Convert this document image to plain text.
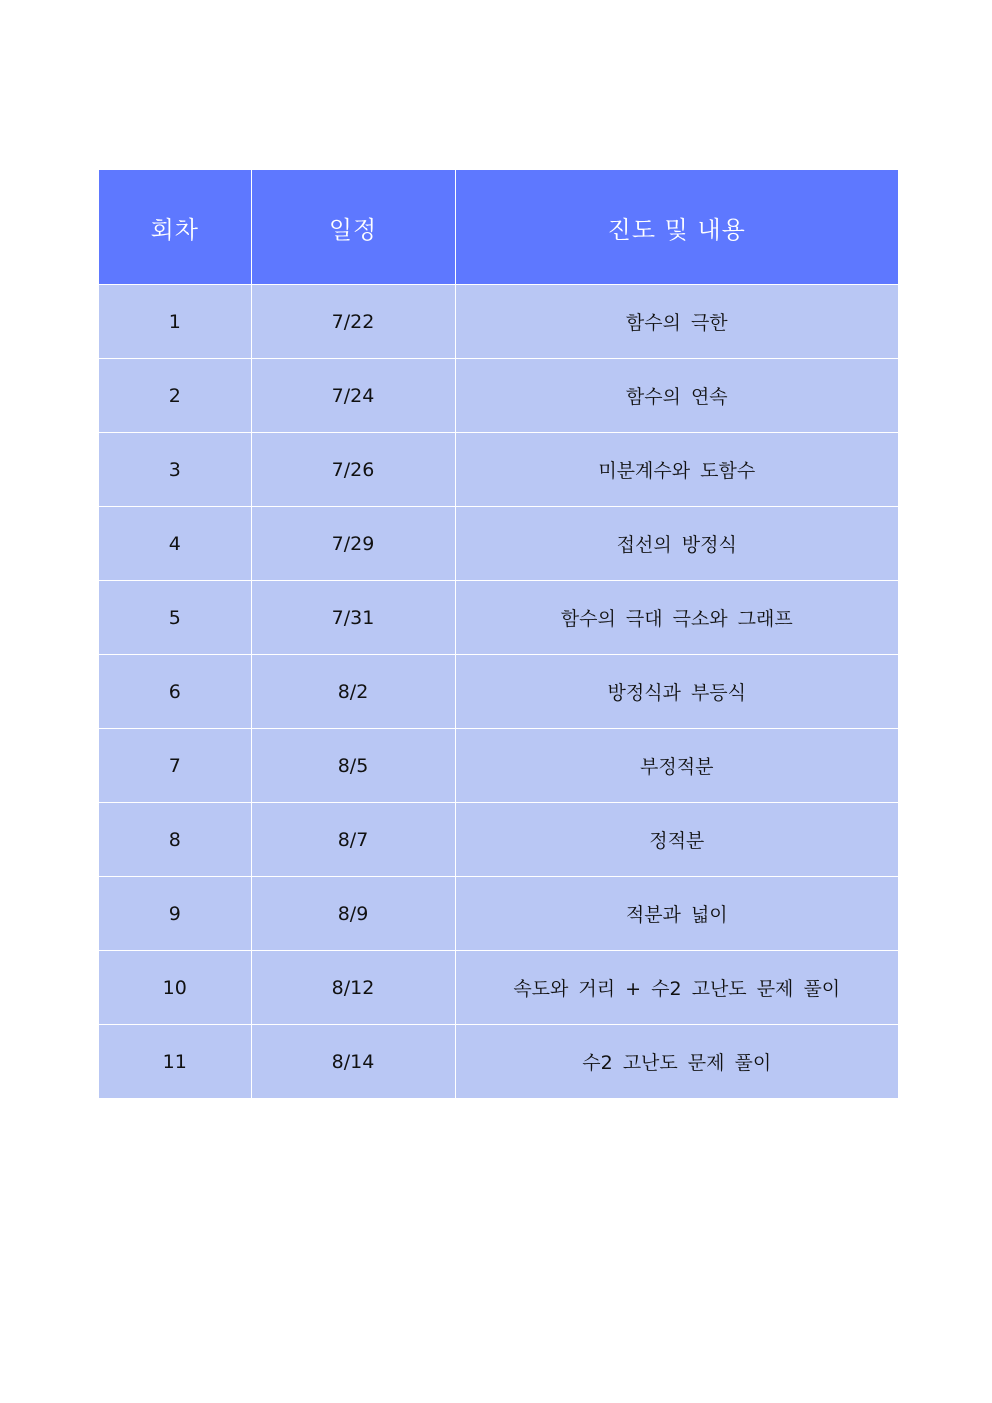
회차	일정	진도 및 내용
1	7/22	함수의 극한
2	7/24	함수의 연속
3	7/26	미분계수와 도함수
4	7/29	접선의 방정식
5	7/31	함수의 극대 극소와 그래프
6	8/2	방정식과 부등식
7	8/5	부정적분
8	8/7	정적분
9	8/9	적분과 넓이
10	8/12	속도와 거리 + 수2 고난도 문제 풀이
11	8/14	수2 고난도 문제 풀이
